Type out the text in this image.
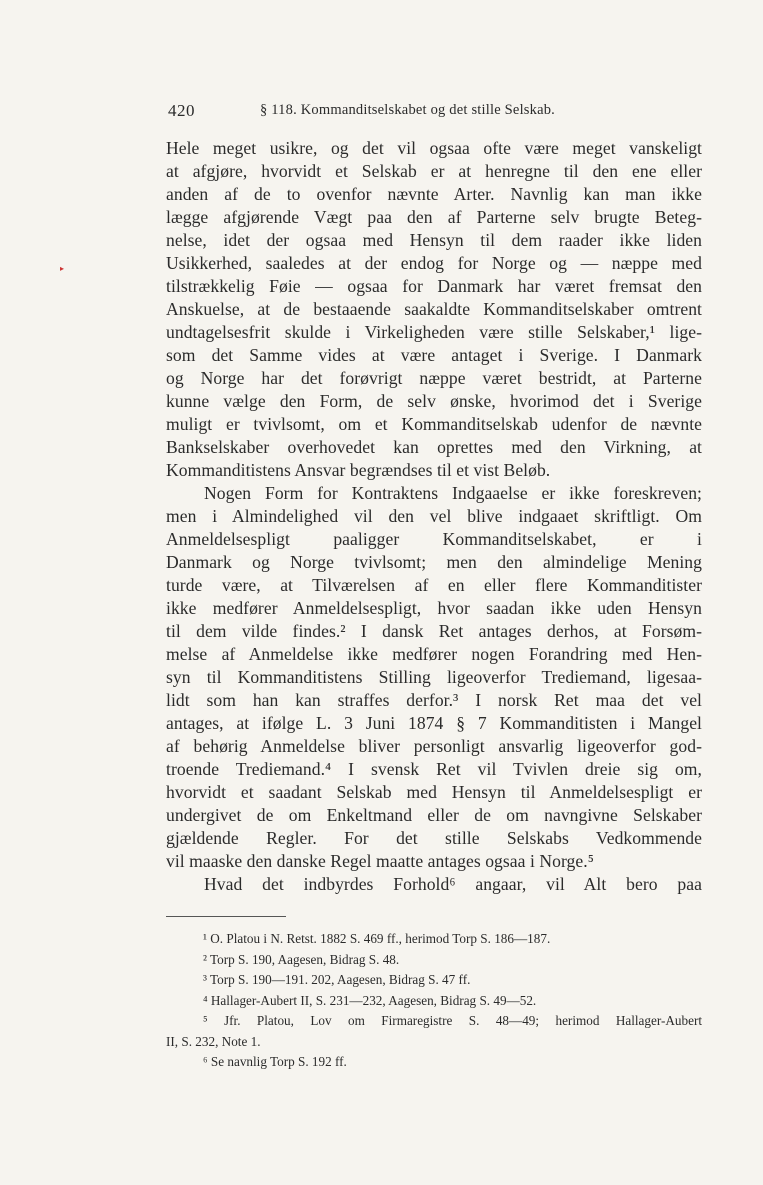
420	§ 118. Kommanditselskabet og det stille Selskab.
▸
Hele meget usikre, og det vil ogsaa ofte være meget vanskeligt
at afgjøre, hvorvidt et Selskab er at henregne til den ene eller
anden af de to ovenfor nævnte Arter. Navnlig kan man ikke
lægge afgjørende Vægt paa den af Parterne selv brugte Beteg-
nelse, idet der ogsaa med Hensyn til dem raader ikke liden
Usikkerhed, saaledes at der endog for Norge og — næppe med
tilstrækkelig Føie — ogsaa for Danmark har været fremsat den
Anskuelse, at de bestaaende saakaldte Kommanditselskaber omtrent
undtagelsesfrit skulde i Virkeligheden være stille Selskaber,¹ lige-
som det Samme vides at være antaget i Sverige. I Danmark
og Norge har det forøvrigt næppe været bestridt, at Parterne
kunne vælge den Form, de selv ønske, hvorimod det i Sverige
muligt er tvivlsomt, om et Kommanditselskab udenfor de nævnte
Bankselskaber overhovedet kan oprettes med den Virkning, at
Kommanditistens Ansvar begrændses til et vist Beløb.
Nogen Form for Kontraktens Indgaaelse er ikke foreskreven;
men i Almindelighed vil den vel blive indgaaet skriftligt. Om
Anmeldelsespligt paaligger Kommanditselskabet, er i
Danmark og Norge tvivlsomt; men den almindelige Mening
turde være, at Tilværelsen af en eller flere Kommanditister
ikke medfører Anmeldelsespligt, hvor saadan ikke uden Hensyn
til dem vilde findes.² I dansk Ret antages derhos, at Forsøm-
melse af Anmeldelse ikke medfører nogen Forandring med Hen-
syn til Kommanditistens Stilling ligeoverfor Trediemand, ligesaa-
lidt som han kan straffes derfor.³ I norsk Ret maa det vel
antages, at ifølge L. 3 Juni 1874 § 7 Kommanditisten i Mangel
af behørig Anmeldelse bliver personligt ansvarlig ligeoverfor god-
troende Trediemand.⁴ I svensk Ret vil Tvivlen dreie sig om,
hvorvidt et saadant Selskab med Hensyn til Anmeldelsespligt er
undergivet de om Enkeltmand eller de om navngivne Selskaber
gjældende Regler. For det stille Selskabs Vedkommende
vil maaske den danske Regel maatte antages ogsaa i Norge.⁵
Hvad det indbyrdes Forhold⁶ angaar, vil Alt bero paa
¹ O. Platou i N. Retst. 1882 S. 469 ff., herimod Torp S. 186—187.
² Torp S. 190, Aagesen, Bidrag S. 48.
³ Torp S. 190—191. 202, Aagesen, Bidrag S. 47 ff.
⁴ Hallager-Aubert II, S. 231—232, Aagesen, Bidrag S. 49—52.
⁵ Jfr. Platou, Lov om Firmaregistre S. 48—49; herimod Hallager-Aubert
II, S. 232, Note 1.
⁶ Se navnlig Torp S. 192 ff.
